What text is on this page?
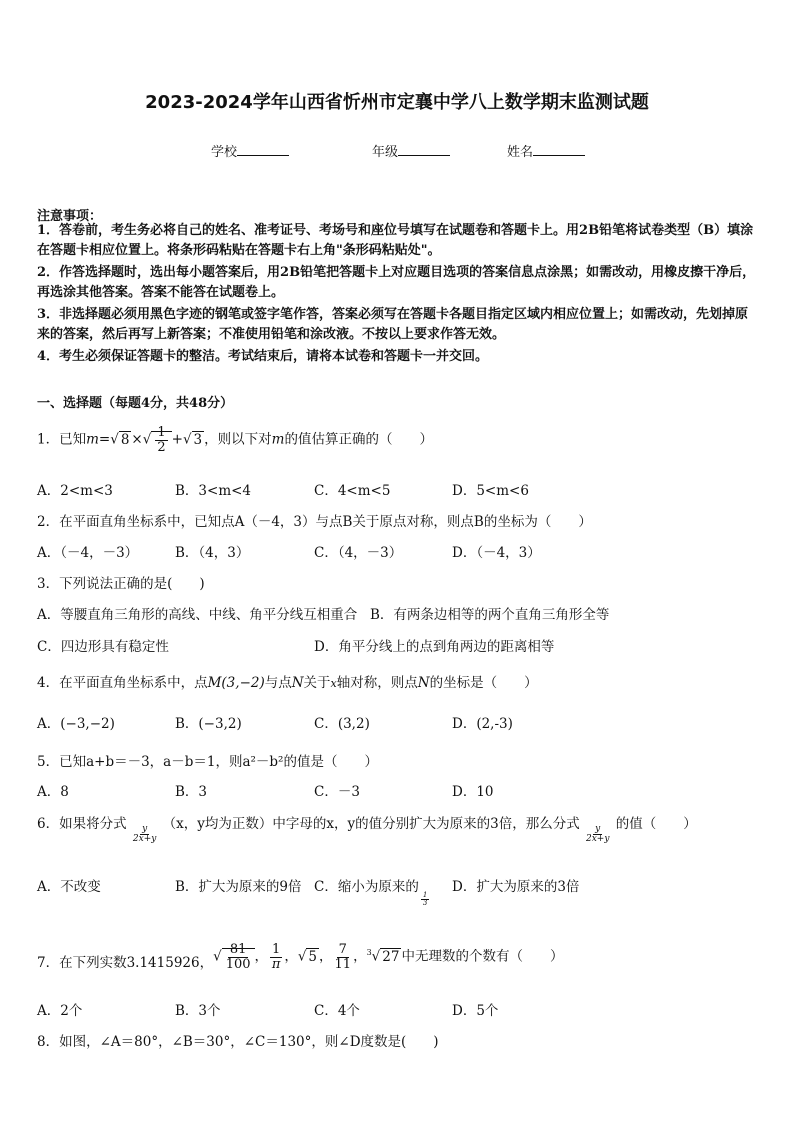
2023-2024学年山西省忻州市定襄中学八上数学期末监测试题
学校	年级	姓名
注意事项：
1．答卷前，考生务必将自己的姓名、准考证号、考场号和座位号填写在试题卷和答题卡上。用2B铅笔将试卷类型（B）填涂在答题卡相应位置上。将条形码粘贴在答题卡右上角"条形码粘贴处"。
2．作答选择题时，选出每小题答案后，用2B铅笔把答题卡上对应题目选项的答案信息点涂黑；如需改动，用橡皮擦干净后，再选涂其他答案。答案不能答在试题卷上。
3．非选择题必须用黑色字迹的钢笔或签字笔作答，答案必须写在答题卡各题目指定区域内相应位置上；如需改动，先划掉原来的答案，然后再写上新答案；不准使用铅笔和涂改液。不按以上要求作答无效。
4．考生必须保证答题卡的整洁。考试结束后，请将本试卷和答题卡一并交回。
一、选择题（每题4分，共48分）
1．已知m=√ 8 ×√ $\frac{1}{2}$ +√ 3 ，则以下对m的值估算正确的（　　）
A．2<m<3	B．3<m<4	C．4<m<5	D．5<m<6
2．在平面直角坐标系中，已知点A（－4，3）与点B关于原点对称，则点B的坐标为（　　）
A．（－4，－3）	B．（4，3）	C．（4，－3）	D．（－4，3）
3．下列说法正确的是(　　)
A．等腰直角三角形的高线、中线、角平分线互相重合 B．有两条边相等的两个直角三角形全等
C．四边形具有稳定性	D．角平分线上的点到角两边的距离相等
4．在平面直角坐标系中，点M(3,−2)与点N关于x轴对称，则点N的坐标是（　　）
A．(−3,−2)	B．(−3,2)	C．(3,2)	D．(2,-3)
5．已知a+b＝－3，a－b＝1，则a²－b²的值是（　　）
A．8	B．3	C．－3	D．10
6．如果将分式
$\frac{y}{2x+y}$
（x，y均为正数）中字母的x，y的值分别扩大为原来的3倍，那么分式
$\frac{y}{2x+y}$
的值（　　）
A．不改变	B．扩大为原来的9倍 C．缩小为原来的
$\frac{1}{3}$
D．扩大为原来的3倍
7．在下列实数3.1415926，√ $\frac{81}{100}$ ， $\frac{1}{\pi}$ ，√ 5 ， $\frac{7}{11}$ ，$^3$√ 27 中无理数的个数有（　　）
A．2个	B．3个	C．4个	D．5个
8．如图，∠A＝80°，∠B＝30°，∠C＝130°，则∠D度数是(　　)
